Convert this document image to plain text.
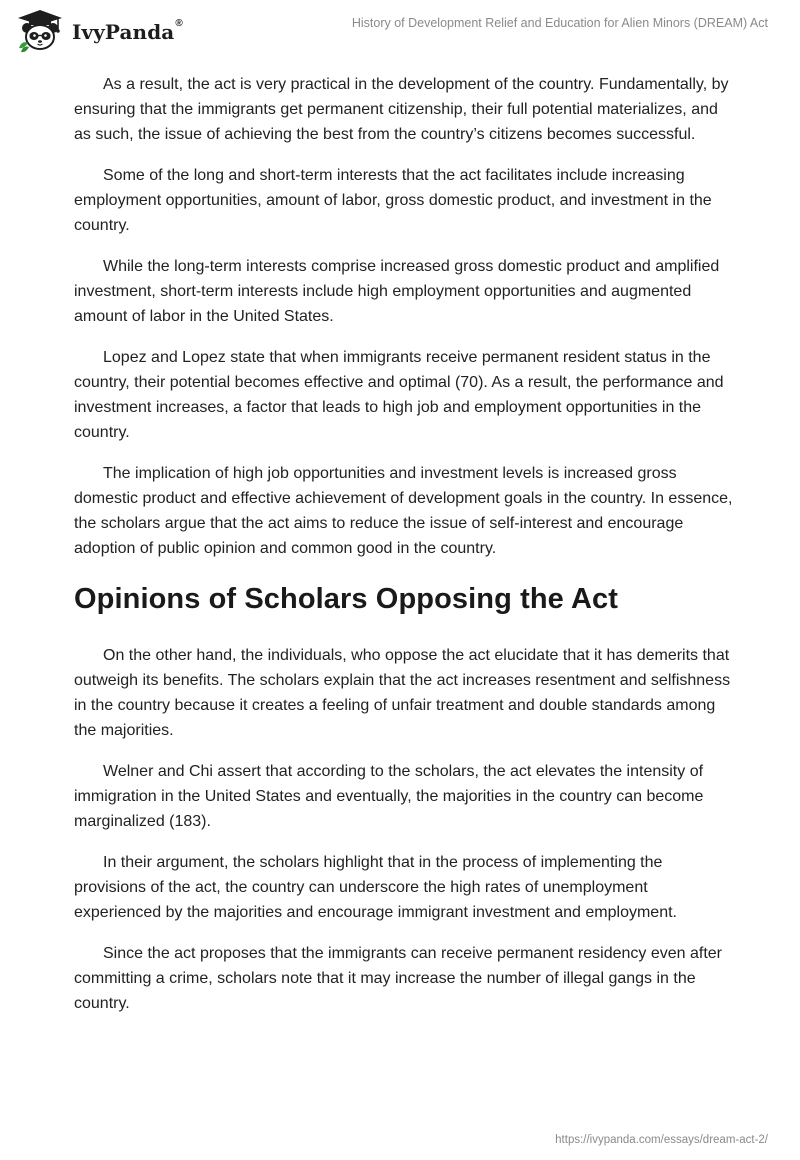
IvyPanda®	History of Development Relief and Education for Alien Minors (DREAM) Act

As a result, the act is very practical in the development of the country. Fundamentally, by ensuring that the immigrants get permanent citizenship, their full potential materializes, and as such, the issue of achieving the best from the country’s citizens becomes successful.

Some of the long and short-term interests that the act facilitates include increasing employment opportunities, amount of labor, gross domestic product, and investment in the country.

While the long-term interests comprise increased gross domestic product and amplified investment, short-term interests include high employment opportunities and augmented amount of labor in the United States.

Lopez and Lopez state that when immigrants receive permanent resident status in the country, their potential becomes effective and optimal (70). As a result, the performance and investment increases, a factor that leads to high job and employment opportunities in the country.

The implication of high job opportunities and investment levels is increased gross domestic product and effective achievement of development goals in the country. In essence, the scholars argue that the act aims to reduce the issue of self-interest and encourage adoption of public opinion and common good in the country.

Opinions of Scholars Opposing the Act

On the other hand, the individuals, who oppose the act elucidate that it has demerits that outweigh its benefits. The scholars explain that the act increases resentment and selfishness in the country because it creates a feeling of unfair treatment and double standards among the majorities.

Welner and Chi assert that according to the scholars, the act elevates the intensity of immigration in the United States and eventually, the majorities in the country can become marginalized (183).

In their argument, the scholars highlight that in the process of implementing the provisions of the act, the country can underscore the high rates of unemployment experienced by the majorities and encourage immigrant investment and employment.

Since the act proposes that the immigrants can receive permanent residency even after committing a crime, scholars note that it may increase the number of illegal gangs in the country.

https://ivypanda.com/essays/dream-act-2/
